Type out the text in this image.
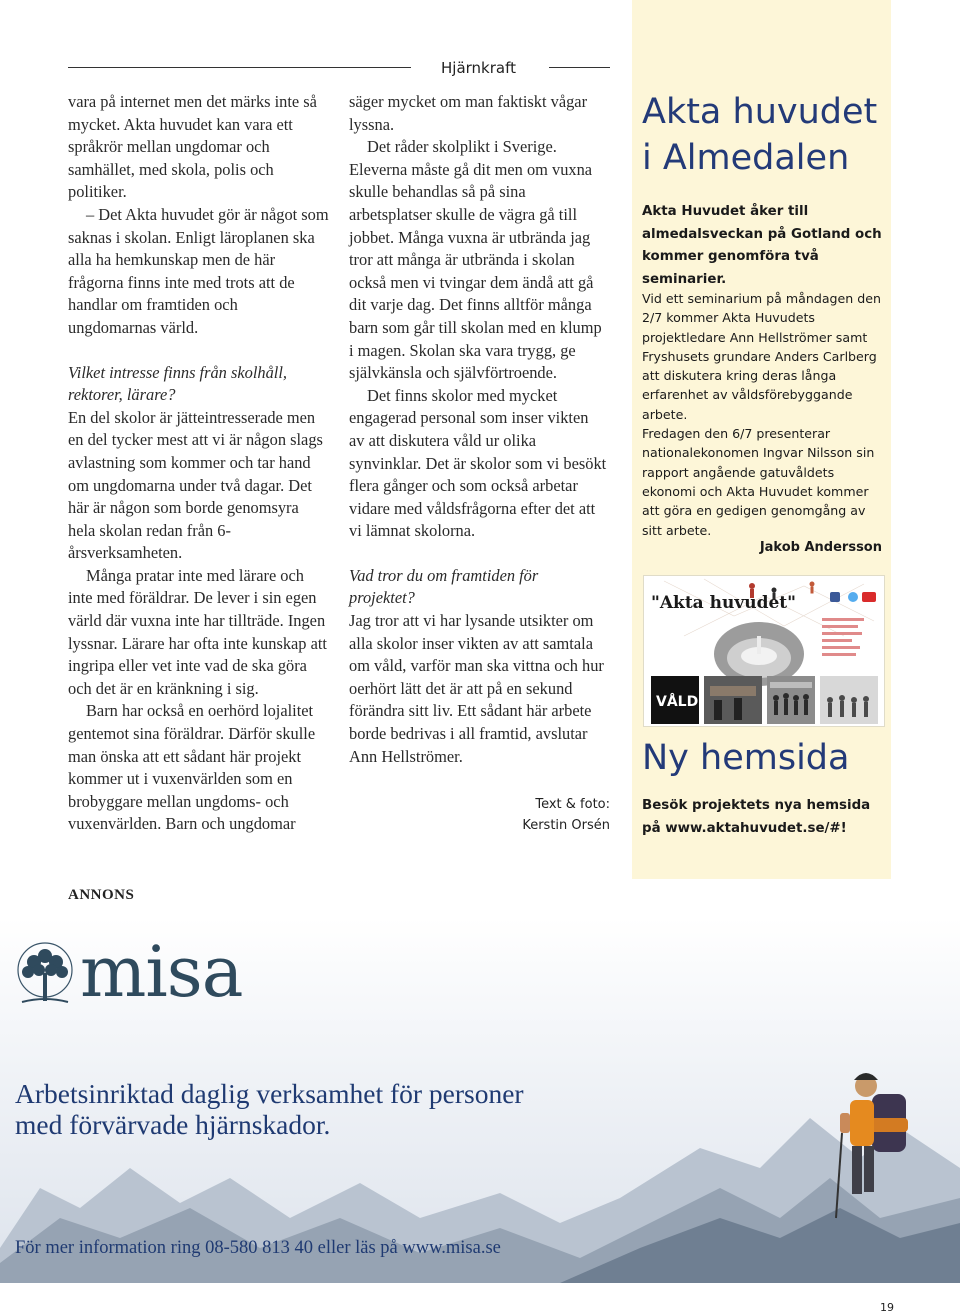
Hjärnkraft

vara på internet men det märks inte så mycket. Akta huvudet kan vara ett språkrör mellan ungdomar och samhället, med skola, polis och politiker.

– Det Akta huvudet gör är något som saknas i skolan. Enligt läroplanen ska alla ha hemkunskap men de här frågorna finns inte med trots att de handlar om framtiden och ungdomarnas värld.

Vilket intresse finns från skolhåll, rektorer, lärare?

En del skolor är jätteintresserade men en del tycker mest att vi är någon slags avlastning som kommer och tar hand om ungdomarna under två dagar. Det här är någon som borde genomsyra hela skolan redan från 6-årsverksamheten.

Många pratar inte med lärare och inte med föräldrar. De lever i sin egen värld där vuxna inte har tillträde. Ingen lyssnar. Lärare har ofta inte kunskap att ingripa eller vet inte vad de ska göra och det är en kränkning i sig.

Barn har också en oerhörd lojalitet gentemot sina föräldrar. Därför skulle man önska att ett sådant här projekt kommer ut i vuxenvärlden som en brobyggare mellan ungdoms- och vuxenvärlden. Barn och ungdomar

säger mycket om man faktiskt vågar lyssna.

Det råder skolplikt i Sverige. Eleverna måste gå dit men om vuxna skulle behandlas så på sina arbetsplatser skulle de vägra gå till jobbet. Många vuxna är utbrända jag tror att många är utbrända i skolan också men vi tvingar dem ändå att gå dit varje dag. Det finns alltför många barn som går till skolan med en klump i magen. Skolan ska vara trygg, ge självkänsla och självförtroende.

Det finns skolor med mycket engagerad personal som inser vikten av att diskutera våld ur olika synvinklar. Det är skolor som vi besökt flera gånger och som också arbetar vidare med våldsfrågorna efter det att vi lämnat skolorna.

Vad tror du om framtiden för projektet?

Jag tror att vi har lysande utsikter om alla skolor inser vikten av att samtala om våld, varför man ska vittna och hur oerhört lätt det är att på en sekund förändra sitt liv. Ett sådant här arbete borde bedrivas i all framtid, avslutar Ann Hellströmer.

Text & foto:
Kerstin Orsén
Akta huvudet
i Almedalen
Akta Huvudet åker till almedalsveckan på Gotland och kommer genomföra två seminarier.

Vid ett seminarium på måndagen den 2/7 kommer Akta Huvudets projektledare Ann Hellströmer samt Fryshusets grundare Anders Carlberg att diskutera kring deras långa erfarenhet av våldsförebyggande arbete.

Fredagen den 6/7 presenterar nationalekonomen Ingvar Nilsson sin rapport angående gatuvåldets ekonomi och Akta Huvudet kommer att göra en gedigen genomgång av sitt arbete.

Jakob Andersson
"Akta huvudet"
VÅLD
Ny hemsida
Besök projektets nya hemsida
på www.aktahuvudet.se/#!
ANNONS
misa
Arbetsinriktad daglig verksamhet för personer
med förvärvade hjärnskador.
För mer information ring 08-580 813 40 eller läs på www.misa.se
19
